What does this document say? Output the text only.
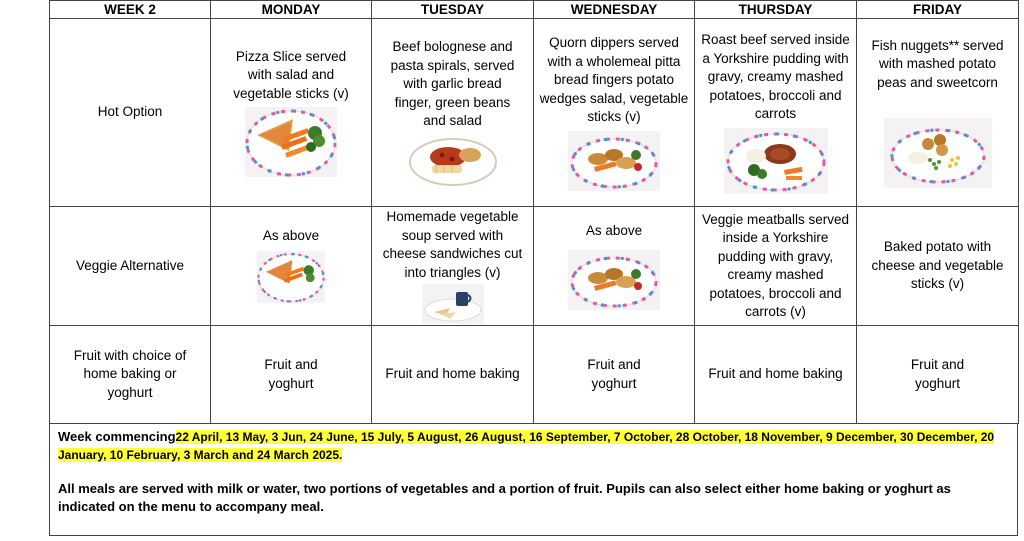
WEEK 2	MONDAY	TUESDAY	WEDNESDAY	THURSDAY	FRIDAY
Hot Option	Pizza Slice served with salad and vegetable sticks (v)	Beef bolognese and pasta spirals, served with garlic bread finger, green beans and salad	Quorn dippers served with a wholemeal pitta bread fingers potato wedges salad, vegetable sticks (v)	Roast beef served inside a Yorkshire pudding with gravy, creamy mashed potatoes, broccoli and carrots	Fish nuggets** served with mashed potato peas and sweetcorn

Veggie Alternative	As above	Homemade vegetable soup served with cheese sandwiches cut into triangles (v)	As above	Veggie meatballs served inside a Yorkshire pudding with gravy, creamy mashed potatoes, broccoli and carrots (v)	Baked potato with cheese and vegetable sticks (v)

Fruit with choice of home baking or yoghurt	Fruit and yoghurt	Fruit and home baking	Fruit and yoghurt	Fruit and home baking	Fruit and yoghurt

Week commencing22 April, 13 May, 3 Jun, 24 June, 15 July, 5 August, 26 August, 16 September, 7 October, 28 October, 18 November, 9 December, 30 December, 20 January, 10 February, 3 March and 24 March 2025.

All meals are served with milk or water, two portions of vegetables and a portion of fruit. Pupils can also select either home baking or yoghurt as indicated on the menu to accompany meal.
